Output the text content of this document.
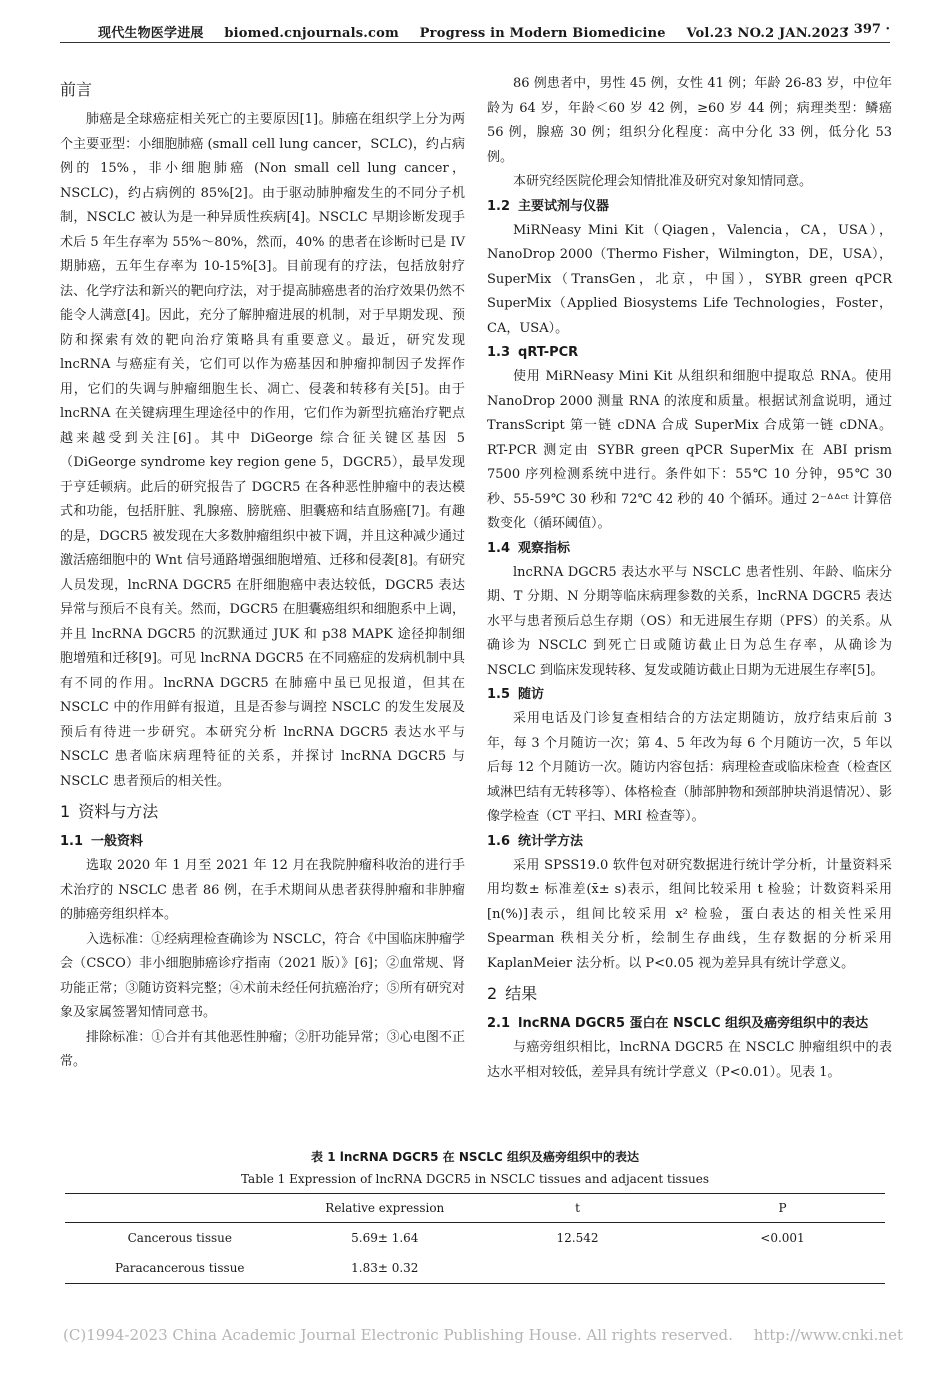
现代生物医学进展 biomed.cnjournals.com Progress in Modern Biomedicine Vol.23 NO.2 JAN.2023
· 397 ·
前言

肺癌是全球癌症相关死亡的主要原因[1]。肺癌在组织学上分为两个主要亚型：小细胞肺癌 (small cell lung cancer，SCLC)，约占病例的 15%，非小细胞肺癌 (Non small cell lung cancer，NSCLC)，约占病例的 85%[2]。由于驱动肺肿瘤发生的不同分子机制，NSCLC 被认为是一种异质性疾病[4]。NSCLC 早期诊断发现手术后 5 年生存率为 55%～80%，然而，40% 的患者在诊断时已是 IV 期肺癌，五年生存率为 10-15%[3]。目前现有的疗法，包括放射疗法、化学疗法和新兴的靶向疗法，对于提高肺癌患者的治疗效果仍然不能令人满意[4]。因此，充分了解肿瘤进展的机制，对于早期发现、预防和探索有效的靶向治疗策略具有重要意义。最近，研究发现 lncRNA 与癌症有关，它们可以作为癌基因和肿瘤抑制因子发挥作用，它们的失调与肿瘤细胞生长、凋亡、侵袭和转移有关[5]。由于 lncRNA 在关键病理生理途径中的作用，它们作为新型抗癌治疗靶点越来越受到关注[6]。其中 DiGeorge 综合征关键区基因 5（DiGeorge syndrome key region gene 5，DGCR5），最早发现于亨廷顿病。此后的研究报告了 DGCR5 在各种恶性肿瘤中的表达模式和功能，包括肝脏、乳腺癌、膀胱癌、胆囊癌和结直肠癌[7]。有趣的是，DGCR5 被发现在大多数肿瘤组织中被下调，并且这种减少通过激活癌细胞中的 Wnt 信号通路增强细胞增殖、迁移和侵袭[8]。有研究人员发现，lncRNA DGCR5 在肝细胞癌中表达较低，DGCR5 表达异常与预后不良有关。然而，DGCR5 在胆囊癌组织和细胞系中上调，并且 lncRNA DGCR5 的沉默通过 JUK 和 p38 MAPK 途径抑制细胞增殖和迁移[9]。可见 lncRNA DGCR5 在不同癌症的发病机制中具有不同的作用。lncRNA DGCR5 在肺癌中虽已见报道，但其在 NSCLC 中的作用鲜有报道，且是否参与调控 NSCLC 的发生发展及预后有待进一步研究。本研究分析 lncRNA DGCR5 表达水平与 NSCLC 患者临床病理特征的关系，并探讨 lncRNA DGCR5 与 NSCLC 患者预后的相关性。

1 资料与方法
1.1 一般资料

选取 2020 年 1 月至 2021 年 12 月在我院肿瘤科收治的进行手术治疗的 NSCLC 患者 86 例，在手术期间从患者获得肿瘤和非肿瘤的肺癌旁组织样本。

入选标准：①经病理检查确诊为 NSCLC，符合《中国临床肿瘤学会（CSCO）非小细胞肺癌诊疗指南（2021 版）》[6]；②血常规、肾功能正常；③随访资料完整；④术前未经任何抗癌治疗；⑤所有研究对象及家属签署知情同意书。

排除标准：①合并有其他恶性肿瘤；②肝功能异常；③心电图不正常。

86 例患者中，男性 45 例，女性 41 例；年龄 26-83 岁，中位年龄为 64 岁，年龄＜60 岁 42 例，≥60 岁 44 例；病理类型：鳞癌 56 例，腺癌 30 例；组织分化程度：高中分化 33 例，低分化 53 例。

本研究经医院伦理会知情批准及研究对象知情同意。

1.2 主要试剂与仪器

MiRNeasy Mini Kit（Qiagen，Valencia，CA，USA），NanoDrop 2000（Thermo Fisher，Wilmington，DE，USA），SuperMix（TransGen，北京，中国），SYBR green qPCR SuperMix（Applied Biosystems Life Technologies，Foster，CA，USA）。

1.3 qRT-PCR

使用 MiRNeasy Mini Kit 从组织和细胞中提取总 RNA。使用 NanoDrop 2000 测量 RNA 的浓度和质量。根据试剂盒说明，通过 TransScript 第一链 cDNA 合成 SuperMix 合成第一链 cDNA。RT-PCR 测定由 SYBR green qPCR SuperMix 在 ABI prism 7500 序列检测系统中进行。条件如下：55℃ 10 分钟，95℃ 30 秒、55-59℃ 30 秒和 72℃ 42 秒的 40 个循环。通过 2⁻ᐞᐞᶜᵗ 计算倍数变化（循环阈值）。

1.4 观察指标

lncRNA DGCR5 表达水平与 NSCLC 患者性别、年龄、临床分期、T 分期、N 分期等临床病理参数的关系，lncRNA DGCR5 表达水平与患者预后总生存期（OS）和无进展生存期（PFS）的关系。从确诊为 NSCLC 到死亡日或随访截止日为总生存率，从确诊为 NSCLC 到临床发现转移、复发或随访截止日期为无进展生存率[5]。

1.5 随访

采用电话及门诊复查相结合的方法定期随访，放疗结束后前 3 年，每 3 个月随访一次；第 4、5 年改为每 6 个月随访一次，5 年以后每 12 个月随访一次。随访内容包括：病理检查或临床检查（检查区域淋巴结有无转移等）、体格检查（肺部肿物和颈部肿块消退情况）、影像学检查（CT 平扫、MRI 检查等）。

1.6 统计学方法

采用 SPSS19.0 软件包对研究数据进行统计学分析，计量资料采用均数± 标准差(x̄± s)表示，组间比较采用 t 检验；计数资料采用[n(%)]表示，组间比较采用 x² 检验，蛋白表达的相关性采用 Spearman 秩相关分析，绘制生存曲线，生存数据的分析采用 KaplanMeier 法分析。以 P<0.05 视为差异具有统计学意义。

2 结果
2.1 lncRNA DGCR5 蛋白在 NSCLC 组织及癌旁组织中的表达

与癌旁组织相比，lncRNA DGCR5 在 NSCLC 肿瘤组织中的表达水平相对较低，差异具有统计学意义（P<0.01）。见表 1。

表 1 lncRNA DGCR5 在 NSCLC 组织及癌旁组织中的表达
Table 1 Expression of lncRNA DGCR5 in NSCLC tissues and adjacent tissues
	Relative expression	t	P
Cancerous tissue	5.69± 1.64	12.542	<0.001
Paracancerous tissue	1.83± 0.32		
(C)1994-2023 China Academic Journal Electronic Publishing House. All rights reserved. http://www.cnki.net
